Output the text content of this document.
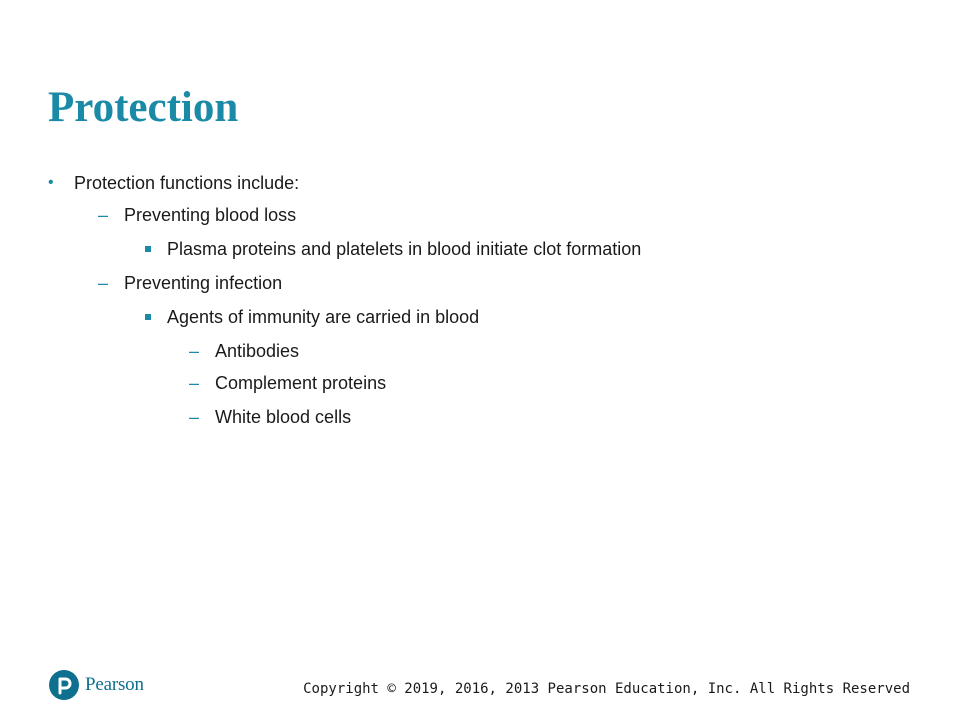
Protection
•	Protection functions include:
– Preventing blood loss
Plasma proteins and platelets in blood initiate clot formation
– Preventing infection
Agents of immunity are carried in blood
– Antibodies
– Complement proteins
– White blood cells
Pearson	Copyright © 2019, 2016, 2013 Pearson Education, Inc. All Rights Reserved
